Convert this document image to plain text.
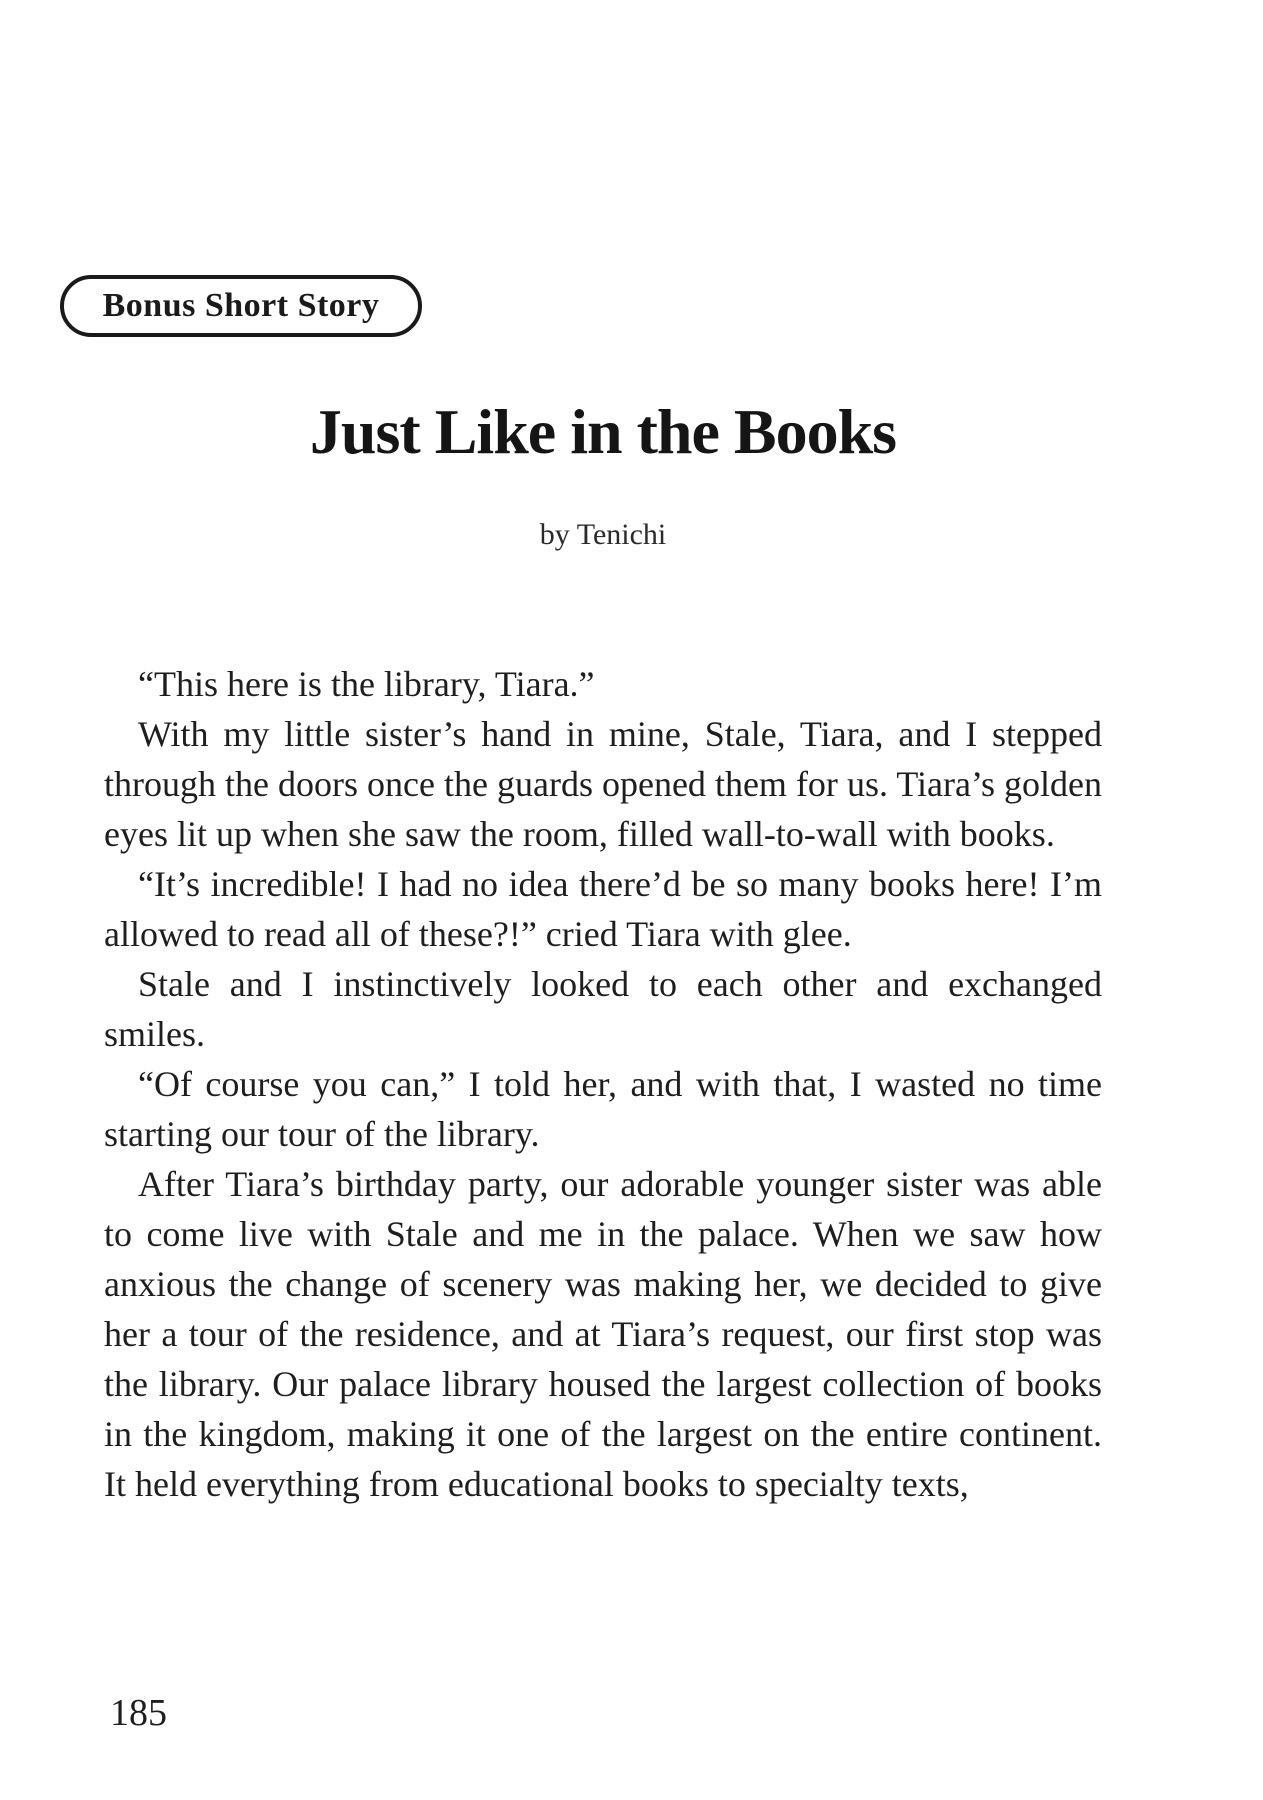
Bonus Short Story
Just Like in the Books
by Tenichi

“This here is the library, Tiara.”

With my little sister’s hand in mine, Stale, Tiara, and I stepped through the doors once the guards opened them for us. Tiara’s golden eyes lit up when she saw the room, filled wall-to-wall with books.

“It’s incredible! I had no idea there’d be so many books here! I’m allowed to read all of these?!” cried Tiara with glee.

Stale and I instinctively looked to each other and exchanged smiles.

“Of course you can,” I told her, and with that, I wasted no time starting our tour of the library.

After Tiara’s birthday party, our adorable younger sister was able to come live with Stale and me in the palace. When we saw how anxious the change of scenery was making her, we decided to give her a tour of the residence, and at Tiara’s request, our first stop was the library. Our palace library housed the largest collection of books in the kingdom, making it one of the largest on the entire continent. It held everything from educational books to specialty texts,

185
